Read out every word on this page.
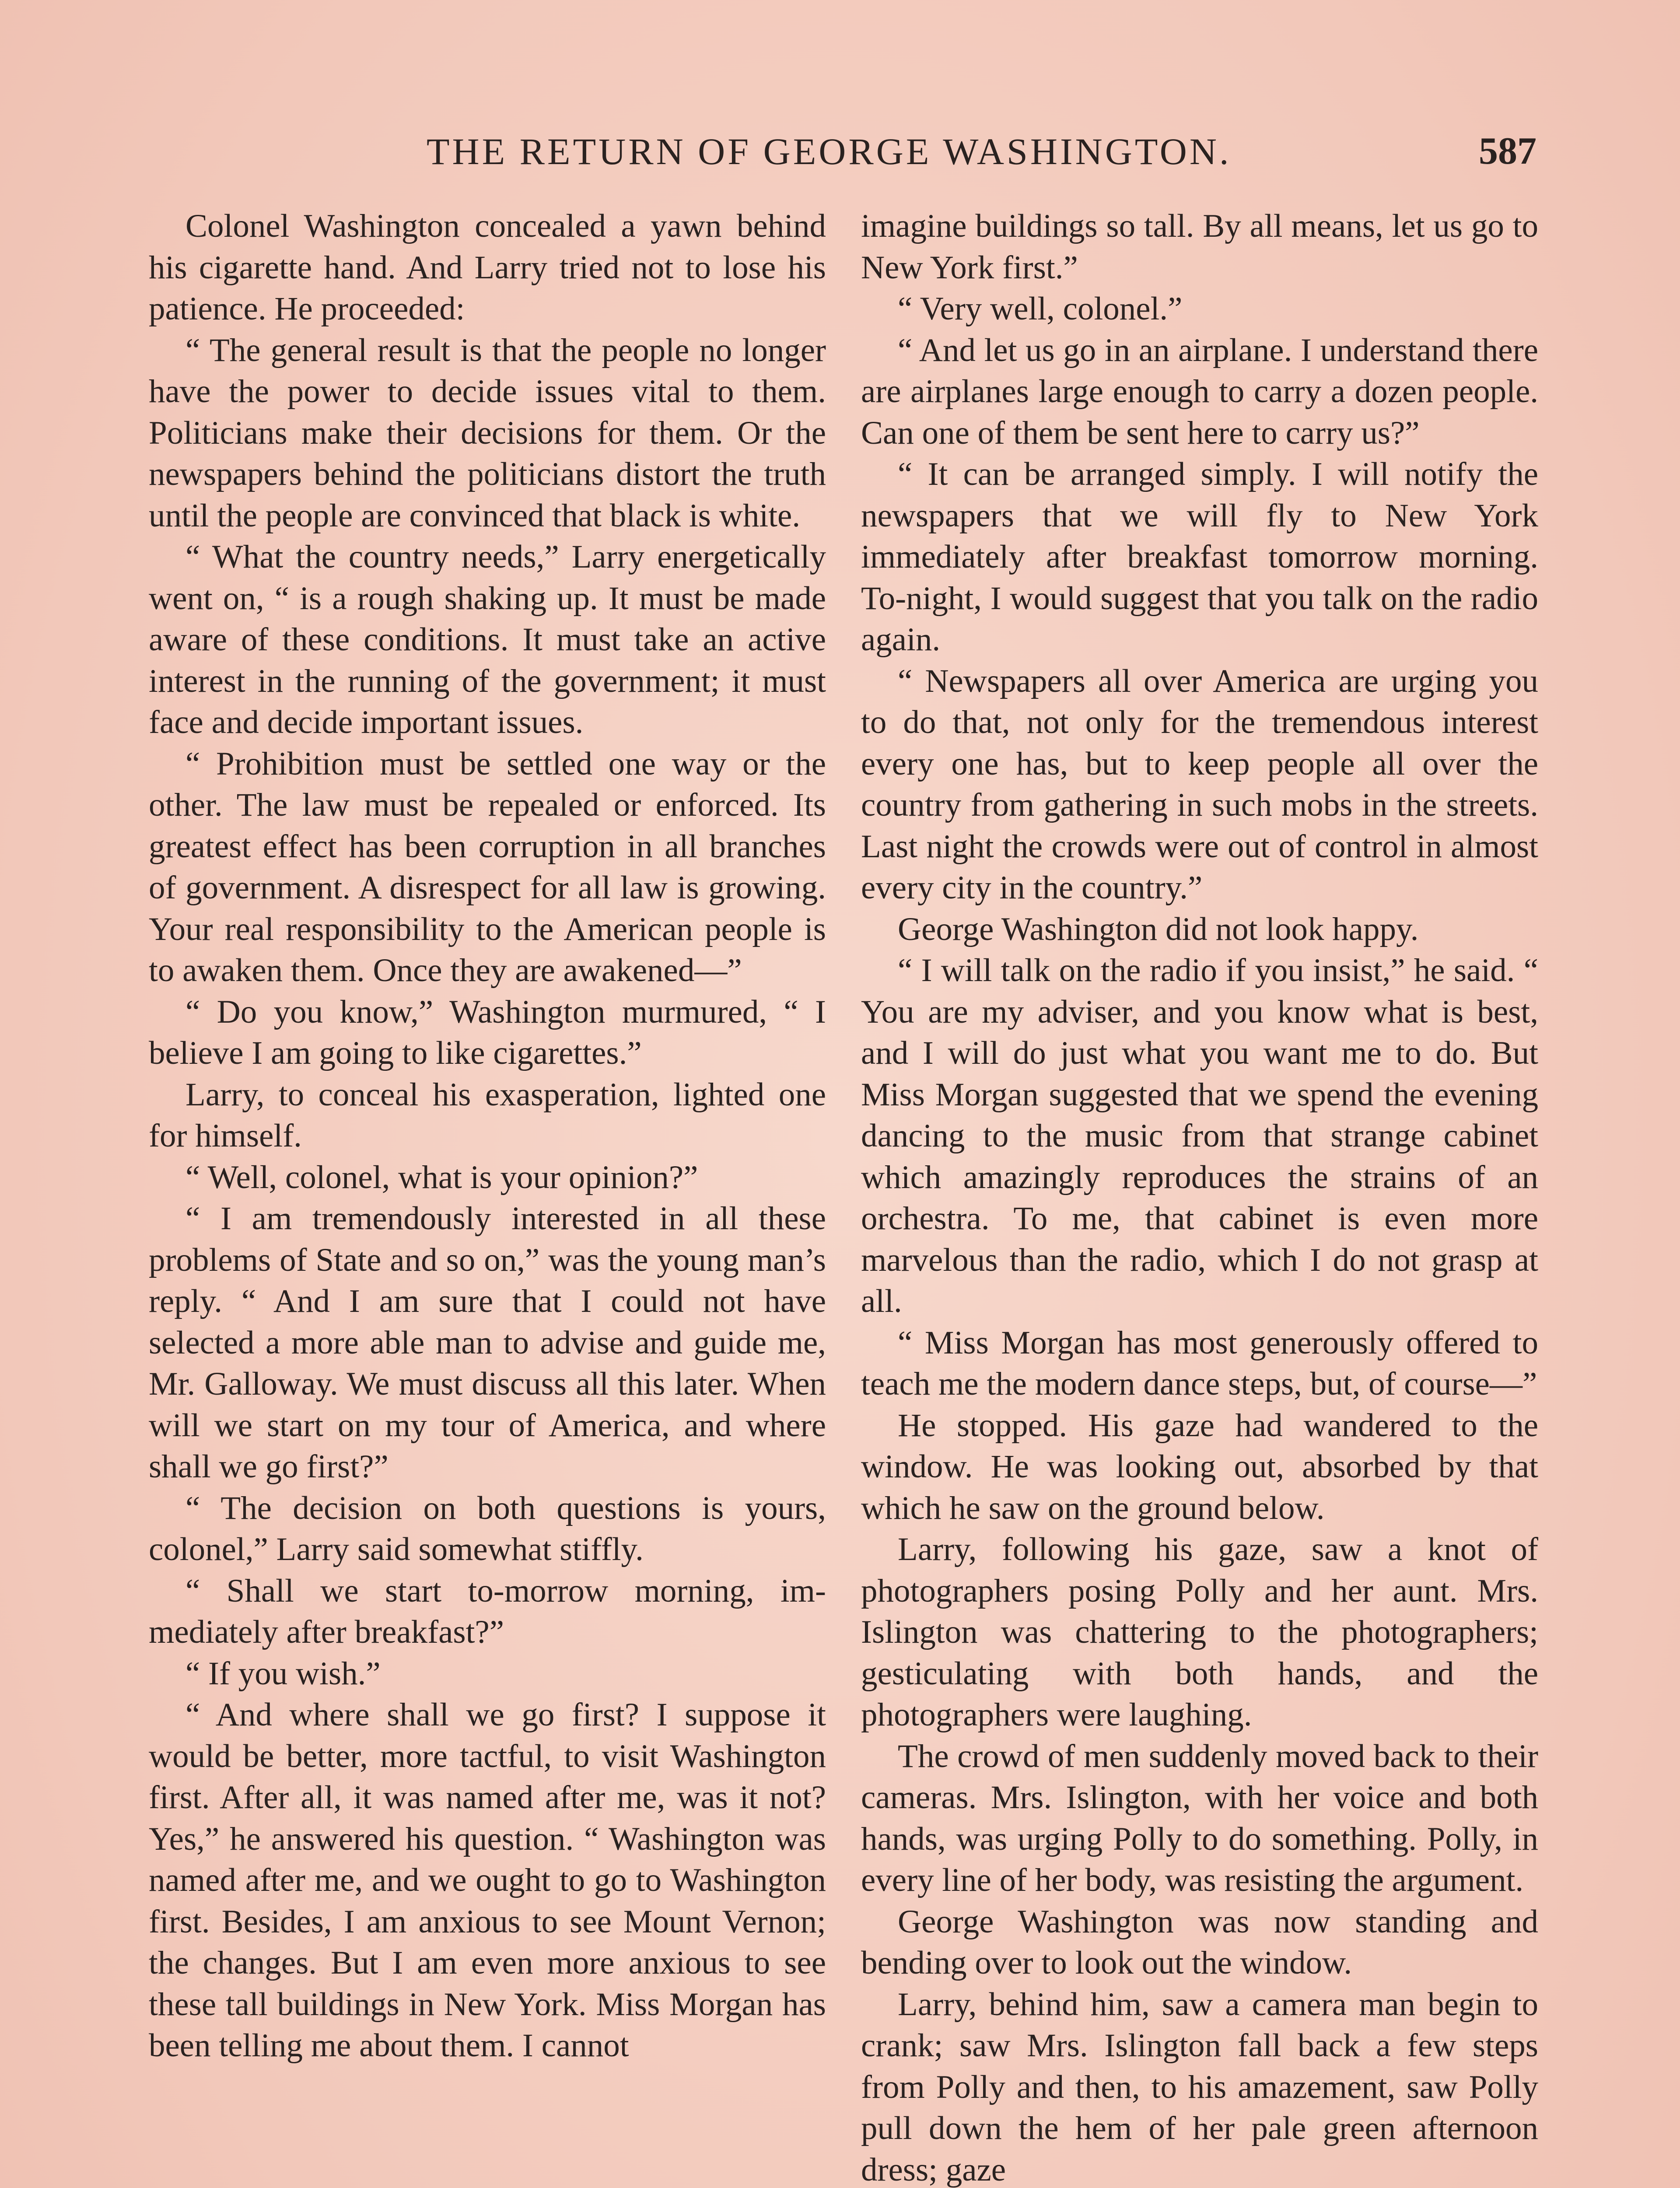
THE RETURN OF GEORGE WASHINGTON.	587

Colonel Washington concealed a yawn behind his cigarette hand. And Larry tried not to lose his patience. He proceeded:

“ The general result is that the people no longer have the power to decide issues vital to them. Politicians make their decisions for them. Or the newspapers behind the politicians distort the truth until the people are convinced that black is white.

“ What the country needs,” Larry energetically went on, “ is a rough shaking up. It must be made aware of these conditions. It must take an active interest in the running of the government; it must face and decide important issues.

“ Prohibition must be settled one way or the other. The law must be repealed or enforced. Its greatest effect has been corruption in all branches of government. A disrespect for all law is growing. Your real responsibility to the American people is to awaken them. Once they are awakened—”

“ Do you know,” Washington murmured, “ I believe I am going to like cigarettes.”

Larry, to conceal his exasperation, lighted one for himself.

“ Well, colonel, what is your opinion?”

“ I am tremendously interested in all these problems of State and so on,” was the young man’s reply. “ And I am sure that I could not have selected a more able man to advise and guide me, Mr. Galloway. We must discuss all this later. When will we start on my tour of America, and where shall we go first?”

“ The decision on both questions is yours, colonel,” Larry said somewhat stiffly.

“ Shall we start to-morrow morning, immediately after breakfast?”

“ If you wish.”

“ And where shall we go first? I suppose it would be better, more tactful, to visit Washington first. After all, it was named after me, was it not? Yes,” he answered his question. “ Washington was named after me, and we ought to go to Washington first. Besides, I am anxious to see Mount Vernon; the changes. But I am even more anxious to see these tall buildings in New York. Miss Morgan has been telling me about them. I cannot

imagine buildings so tall. By all means, let us go to New York first.”

“ Very well, colonel.”

“ And let us go in an airplane. I understand there are airplanes large enough to carry a dozen people. Can one of them be sent here to carry us?”

“ It can be arranged simply. I will notify the newspapers that we will fly to New York immediately after breakfast tomorrow morning. To-night, I would suggest that you talk on the radio again.

“ Newspapers all over America are urging you to do that, not only for the tremendous interest every one has, but to keep people all over the country from gathering in such mobs in the streets. Last night the crowds were out of control in almost every city in the country.”

George Washington did not look happy.

“ I will talk on the radio if you insist,” he said. “ You are my adviser, and you know what is best, and I will do just what you want me to do. But Miss Morgan suggested that we spend the evening dancing to the music from that strange cabinet which amazingly reproduces the strains of an orchestra. To me, that cabinet is even more marvelous than the radio, which I do not grasp at all.

“ Miss Morgan has most generously offered to teach me the modern dance steps, but, of course—”

He stopped. His gaze had wandered to the window. He was looking out, absorbed by that which he saw on the ground below.

Larry, following his gaze, saw a knot of photographers posing Polly and her aunt. Mrs. Islington was chattering to the photographers; gesticulating with both hands, and the photographers were laughing.

The crowd of men suddenly moved back to their cameras. Mrs. Islington, with her voice and both hands, was urging Polly to do something. Polly, in every line of her body, was resisting the argument.

George Washington was now standing and bending over to look out the window.

Larry, behind him, saw a camera man begin to crank; saw Mrs. Islington fall back a few steps from Polly and then, to his amazement, saw Polly pull down the hem of her pale green afternoon dress; gaze
